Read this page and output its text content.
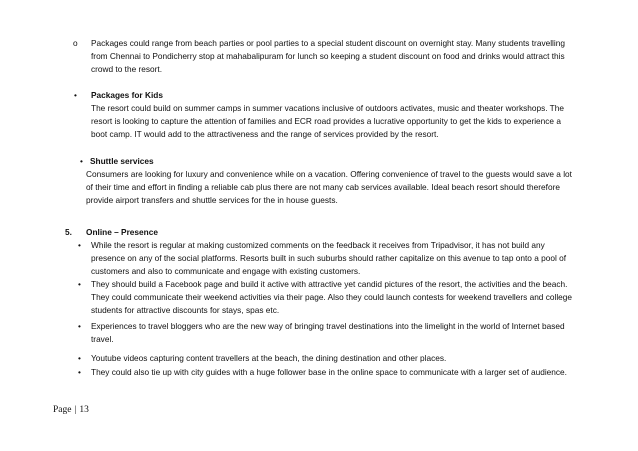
o Packages could range from beach parties or pool parties to a special student discount on overnight stay. Many students travelling from Chennai to Pondicherry stop at mahabalipuram for lunch so keeping a student discount on food and drinks would attract this crowd to the resort.
• Packages for Kids
The resort could build on summer camps in summer vacations inclusive of outdoors activates, music and theater workshops. The resort is looking to capture the attention of families and ECR road provides a lucrative opportunity to get the kids to experience a boot camp. IT would add to the attractiveness and the range of services provided by the resort.
• Shuttle services
Consumers are looking for luxury and convenience while on a vacation. Offering convenience of travel to the guests would save a lot of their time and effort in finding a reliable cab plus there are not many cab services available. Ideal beach resort should therefore provide airport transfers and shuttle services for the in house guests.
5. Online – Presence
• While the resort is regular at making customized comments on the feedback it receives from Tripadvisor, it has not build any presence on any of the social platforms. Resorts built in such suburbs should rather capitalize on this avenue to tap onto a pool of customers and also to communicate and engage with existing customers.
• They should build a Facebook page and build it active with attractive yet candid pictures of the resort, the activities and the beach. They could communicate their weekend activities via their page. Also they could launch contests for weekend travellers and college students for attractive discounts for stays, spas etc.
• Experiences to travel bloggers who are the new way of bringing travel destinations into the limelight in the world of Internet based travel.
• Youtube videos capturing content travellers at the beach, the dining destination and other places.
• They could also tie up with city guides with a huge follower base in the online space to communicate with a larger set of audience.
Page | 13
